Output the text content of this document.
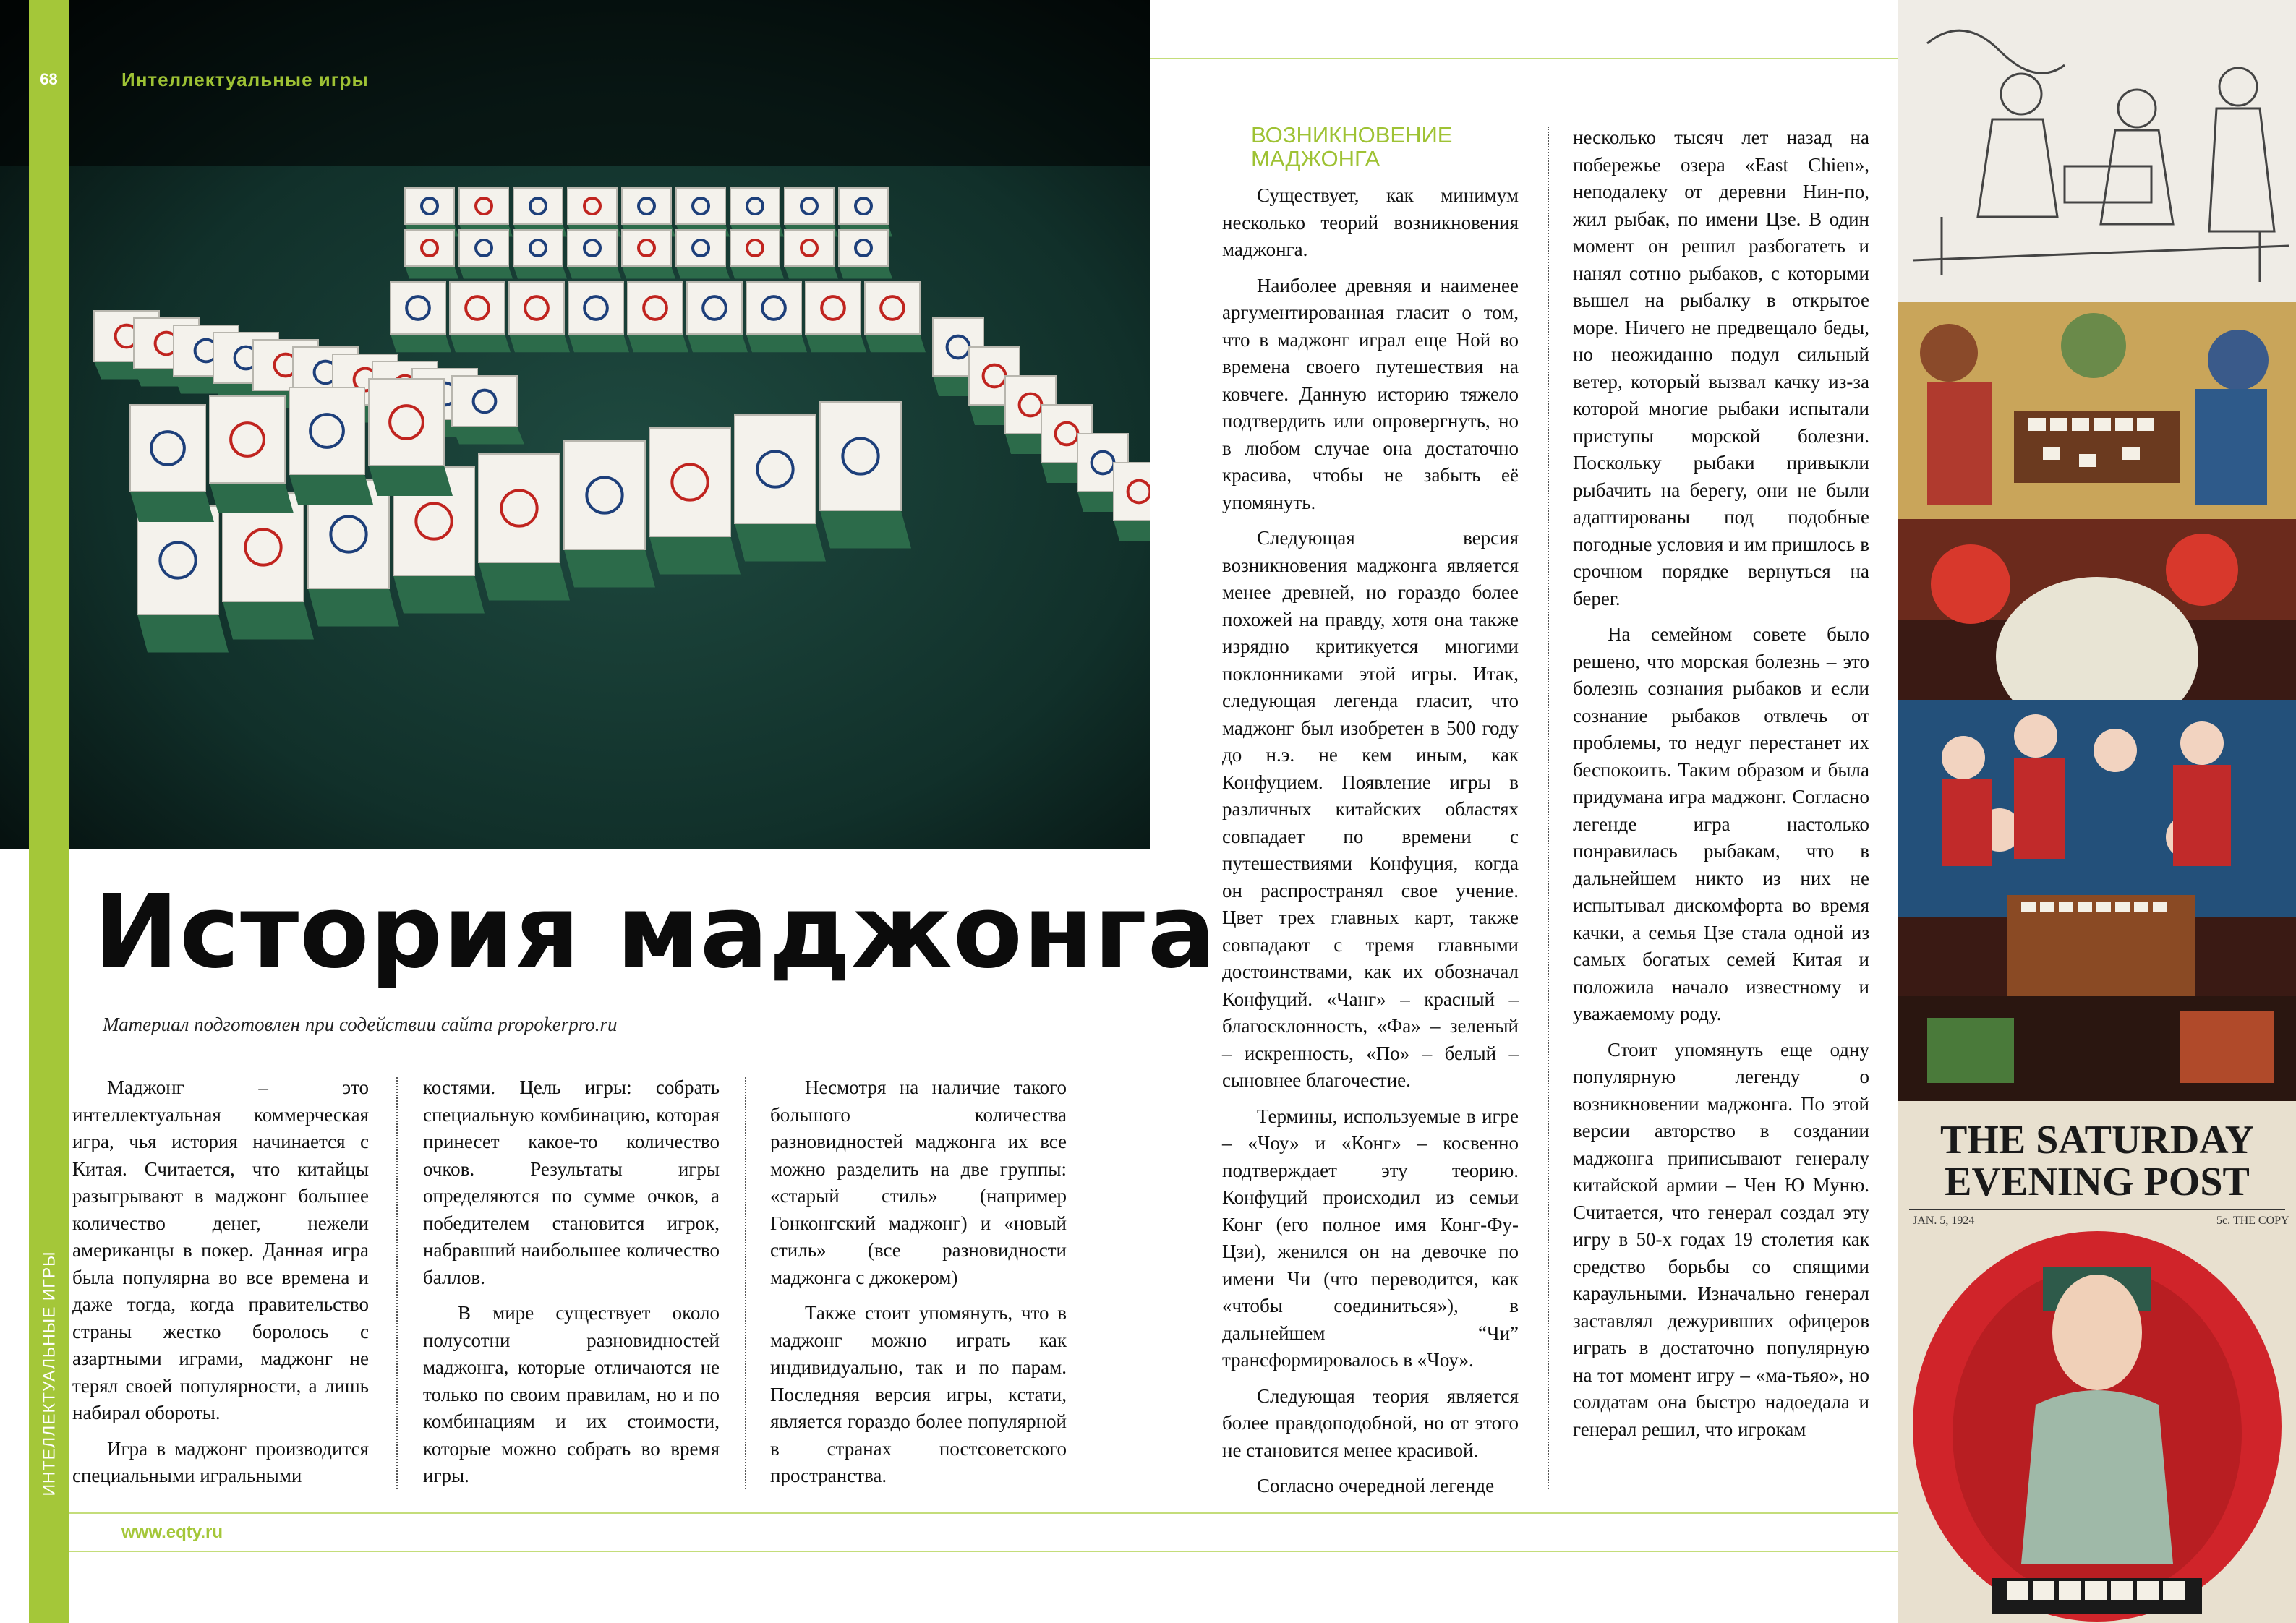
68	Интеллектуальные игры
ИНТЕЛЛЕКТУАЛЬНЫЕ ИГРЫ
www.eqty.ru
История маджонга
Материал подготовлен при содействии сайта propokerpro.ru

Маджонг – это интеллектуальная коммерческая игра, чья история начинается с Китая. Считается, что китайцы разыгрывают в маджонг большее количество денег, нежели американцы в покер. Данная игра была популярна во все времена и даже тогда, когда правительство страны жестко боролось с азартными играми, маджонг не терял своей популярности, а лишь набирал обороты.

Игра в маджонг производится специальными игральными

костями. Цель игры: собрать специальную комбинацию, которая принесет какое-то количество очков. Результаты игры определяются по сумме очков, а победителем становится игрок, набравший наибольшее количество баллов.

В мире существует около полусотни разновидностей маджонга, которые отличаются не только по своим правилам, но и по комбинациям и их стоимости, которые можно собрать во время игры.

Несмотря на наличие такого большого количества разновидностей маджонга их все можно разделить на две группы: «старый стиль» (например Гонконгский маджонг) и «новый стиль» (все разновидности маджонга с джокером)

Также стоит упомянуть, что в маджонг можно играть как индивидуально, так и по парам. Последняя версия игры, кстати, является гораздо более популярной в странах постсоветского пространства.

ВОЗНИКНОВЕНИЕ МАДЖОНГА

Существует, как минимум несколько теорий возникновения маджонга.

Наиболее древняя и наименее аргументированная гласит о том, что в маджонг играл еще Ной во времена своего путешествия на ковчеге. Данную историю тяжело подтвердить или опровергнуть, но в любом случае она достаточно красива, чтобы не забыть её упомянуть.

Следующая версия возникновения маджонга является менее древней, но гораздо более похожей на правду, хотя она также изрядно критикуется многими поклонниками этой игры. Итак, следующая легенда гласит, что маджонг был изобретен в 500 году до н.э. не кем иным, как Конфуцием. Появление игры в различных китайских областях совпадает по времени с путешествиями Конфуция, когда он распространял свое учение. Цвет трех главных карт, также совпадают с тремя главными достоинствами, как их обозначал Конфуций. «Чанг» – красный – благосклонность, «Фа» – зеленый – искренность, «По» – белый – сыновнее благочестие.

Термины, используемые в игре – «Чоу» и «Конг» – косвенно подтверждает эту теорию. Конфуций происходил из семьи Конг (его полное имя Конг-Фу-Цзи), женился он на девочке по имени Чи (что переводится, как «чтобы соединиться»), в дальнейшем “Чи” трансформировалось в «Чоу».

Следующая теория является более правдоподобной, но от этого не становится менее красивой.

Согласно очередной легенде

несколько тысяч лет назад на побережье озера «East Chien», неподалеку от деревни Нин-по, жил рыбак, по имени Цзе. В один момент он решил разбогатеть и нанял сотню рыбаков, с которыми вышел на рыбалку в открытое море. Ничего не предвещало беды, но неожиданно подул сильный ветер, который вызвал качку из-за которой многие рыбаки испытали приступы морской болезни. Поскольку рыбаки привыкли рыбачить на берегу, они не были адаптированы под подобные погодные условия и им пришлось в срочном порядке вернуться на берег.

На семейном совете было решено, что морская болезнь – это болезнь сознания рыбаков и если сознание рыбаков отвлечь от проблемы, то недуг перестанет их беспокоить. Таким образом и была придумана игра маджонг. Согласно легенде игра настолько понравилась рыбакам, что в дальнейшем никто из них не испытывал дискомфорта во время качки, а семья Цзе стала одной из самых богатых семей Китая и положила начало известному и уважаемому роду.

Стоит упомянуть еще одну популярную легенду о возникновении маджонга. По этой версии авторство в создании маджонга приписывают генералу китайской армии – Чен Ю Муню. Считается, что генерал создал эту игру в 50-х годах 19 столетия как средство борьбы со спящими караульными. Изначально генерал заставлял дежуривших офицеров играть в достаточно популярную на тот момент игру – «ма-тьяо», но солдатам она быстро надоедала и генерал решил, что игрокам

THE SATURDAY
EVENING POST
JAN. 5, 1924	5c. THE COPY
